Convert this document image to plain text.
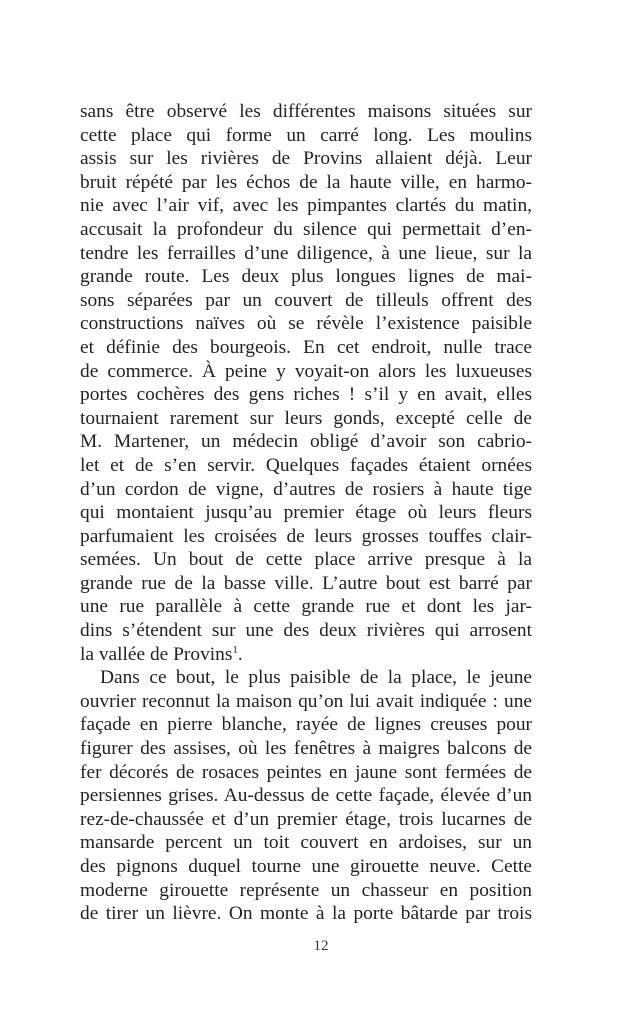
sans être observé les différentes maisons situées sur
cette place qui forme un carré long. Les moulins
assis sur les rivières de Provins allaient déjà. Leur
bruit répété par les échos de la haute ville, en harmo-
nie avec l’air vif, avec les pimpantes clartés du matin,
accusait la profondeur du silence qui permettait d’en-
tendre les ferrailles d’une diligence, à une lieue, sur la
grande route. Les deux plus longues lignes de mai-
sons séparées par un couvert de tilleuls offrent des
constructions naïves où se révèle l’existence paisible
et définie des bourgeois. En cet endroit, nulle trace
de commerce. À peine y voyait-on alors les luxueuses
portes cochères des gens riches ! s’il y en avait, elles
tournaient rarement sur leurs gonds, excepté celle de
M. Martener, un médecin obligé d’avoir son cabrio-
let et de s’en servir. Quelques façades étaient ornées
d’un cordon de vigne, d’autres de rosiers à haute tige
qui montaient jusqu’au premier étage où leurs fleurs
parfumaient les croisées de leurs grosses touffes clair-
semées. Un bout de cette place arrive presque à la
grande rue de la basse ville. L’autre bout est barré par
une rue parallèle à cette grande rue et dont les jar-
dins s’étendent sur une des deux rivières qui arrosent
la vallée de Provins$^1$.
Dans ce bout, le plus paisible de la place, le jeune
ouvrier reconnut la maison qu’on lui avait indiquée : une
façade en pierre blanche, rayée de lignes creuses pour
figurer des assises, où les fenêtres à maigres balcons de
fer décorés de rosaces peintes en jaune sont fermées de
persiennes grises. Au-dessus de cette façade, élevée d’un
rez-de-chaussée et d’un premier étage, trois lucarnes de
mansarde percent un toit couvert en ardoises, sur un
des pignons duquel tourne une girouette neuve. Cette
moderne girouette représente un chasseur en position
de tirer un lièvre. On monte à la porte bâtarde par trois
12
